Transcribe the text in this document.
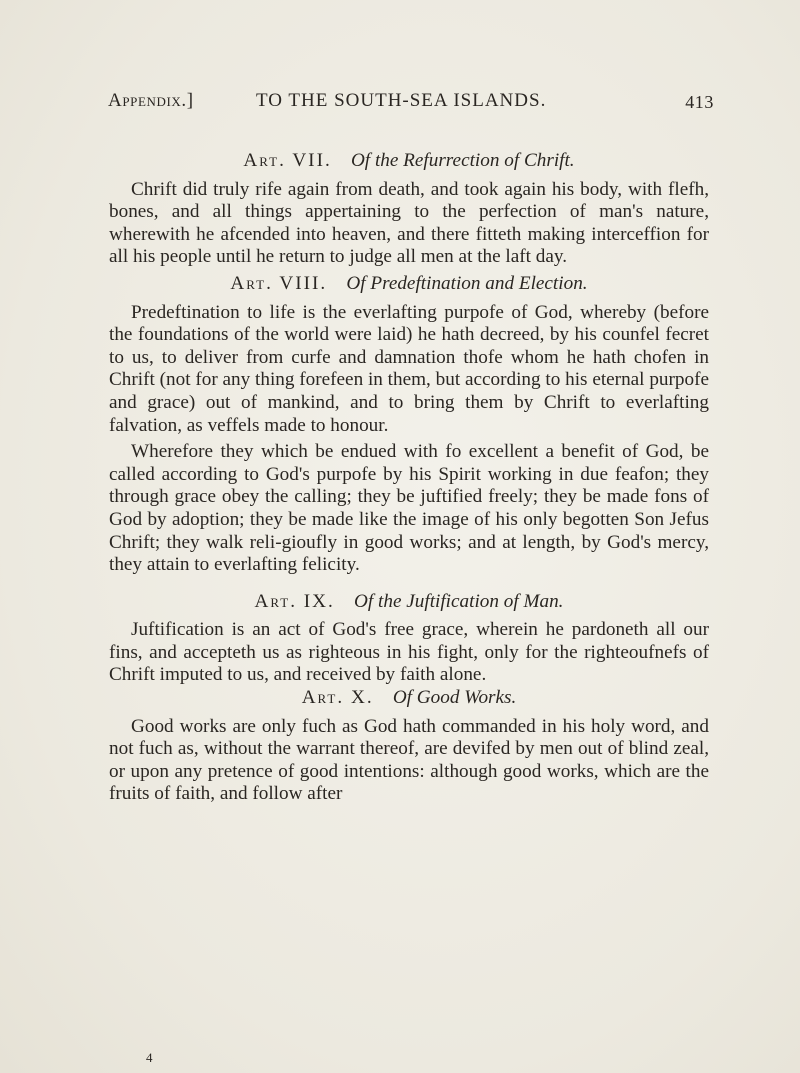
Appendix.]	TO THE SOUTH-SEA ISLANDS.	413
Art. VII. Of the Refurrection of Chrift.

Chrift did truly rife again from death, and took again his body, with flefh, bones, and all things appertaining to the perfection of man's nature, wherewith he afcended into heaven, and there fitteth making interceffion for all his people until he return to judge all men at the laft day.

Art. VIII. Of Predeftination and Election.

Predeftination to life is the everlafting purpofe of God, whereby (before the foundations of the world were laid) he hath decreed, by his counfel fecret to us, to deliver from curfe and damnation thofe whom he hath chofen in Chrift (not for any thing forefeen in them, but according to his eternal purpofe and grace) out of mankind, and to bring them by Chrift to everlafting falvation, as veffels made to honour.

Wherefore they which be endued with fo excellent a benefit of God, be called according to God's purpofe by his Spirit working in due feafon; they through grace obey the calling; they be juftified freely; they be made fons of God by adoption; they be made like the image of his only begotten Son Jefus Chrift; they walk reli-gioufly in good works; and at length, by God's mercy, they attain to everlafting felicity.

Art. IX. Of the Juftification of Man.

Juftification is an act of God's free grace, wherein he pardoneth all our fins, and accepteth us as righteous in his fight, only for the righteoufnefs of Chrift imputed to us, and received by faith alone.

Art. X. Of Good Works.

Good works are only fuch as God hath commanded in his holy word, and not fuch as, without the warrant thereof, are devifed by men out of blind zeal, or upon any pretence of good intentions: although good works, which are the fruits of faith, and follow after

4
